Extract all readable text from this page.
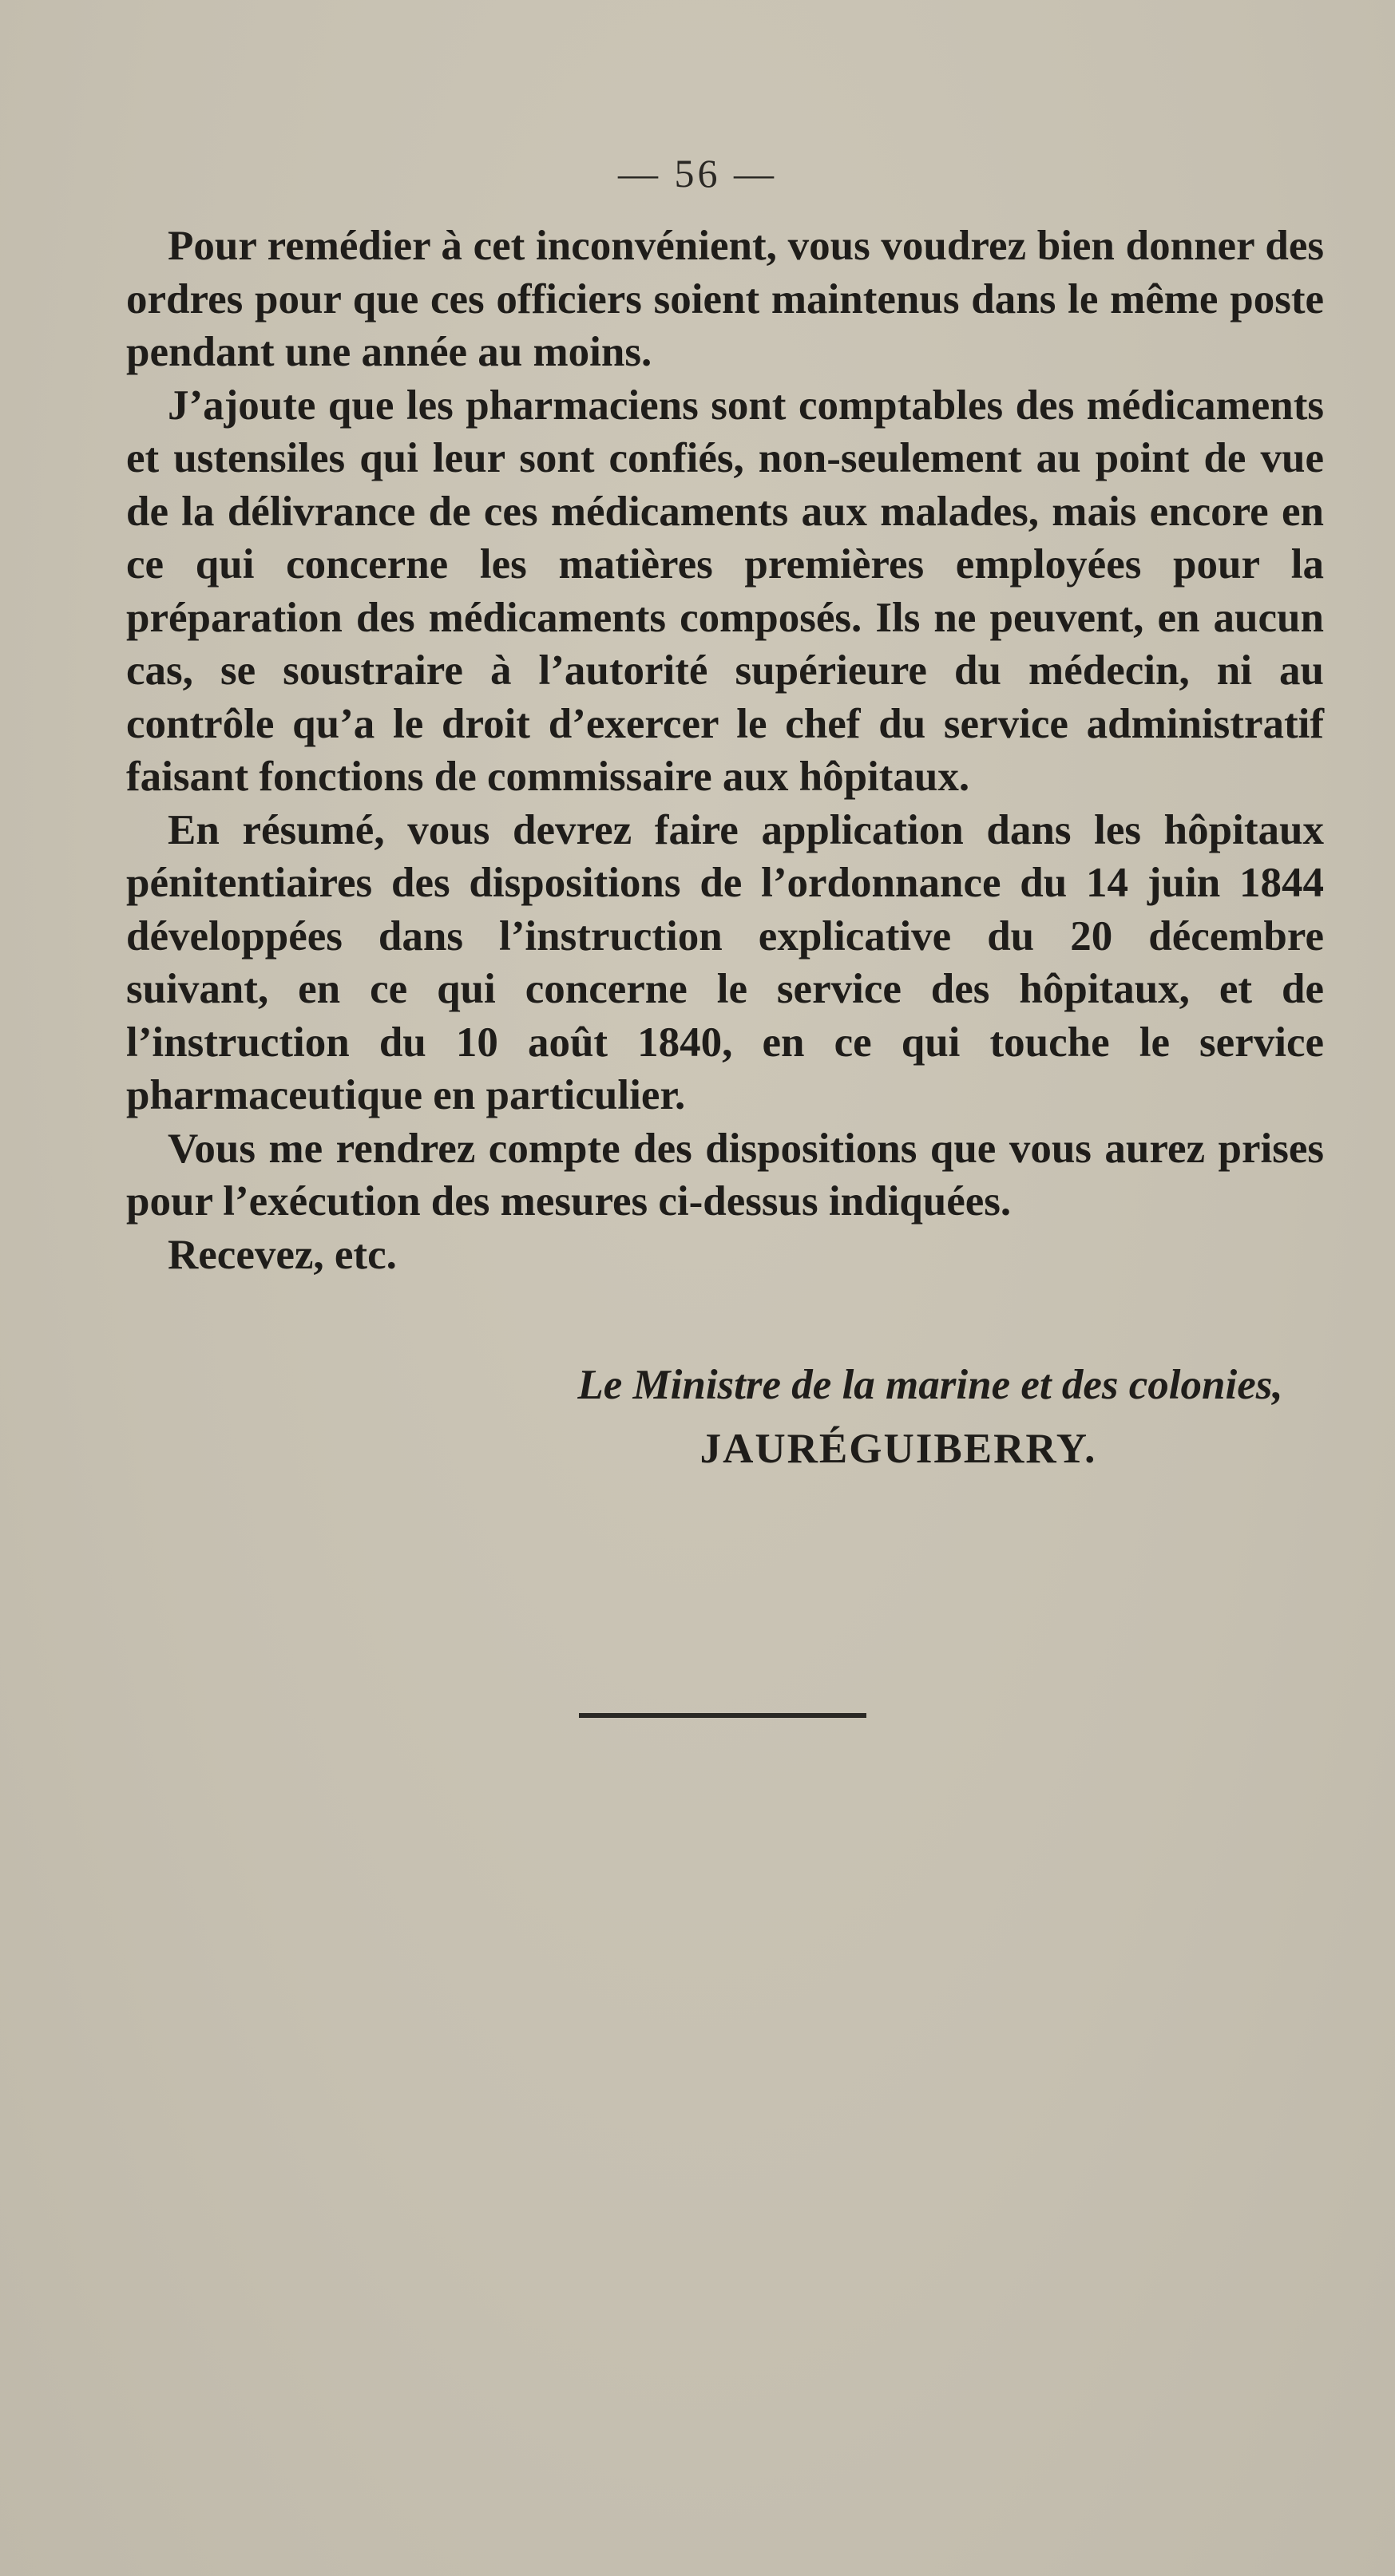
— 56 —

Pour remédier à cet inconvénient, vous voudrez bien donner des ordres pour que ces officiers soient maintenus dans le même poste pendant une année au moins.

J’ajoute que les pharmaciens sont comptables des médicaments et ustensiles qui leur sont confiés, non-seulement au point de vue de la délivrance de ces médicaments aux malades, mais encore en ce qui concerne les matières premières employées pour la préparation des médicaments composés. Ils ne peuvent, en aucun cas, se soustraire à l’autorité supérieure du médecin, ni au contrôle qu’a le droit d’exercer le chef du service administratif faisant fonctions de commissaire aux hôpitaux.

En résumé, vous devrez faire application dans les hôpitaux pénitentiaires des dispositions de l’ordonnance du 14 juin 1844 développées dans l’instruction explicative du 20 décembre suivant, en ce qui concerne le service des hôpitaux, et de l’instruction du 10 août 1840, en ce qui touche le service pharmaceutique en particulier.

Vous me rendrez compte des dispositions que vous aurez prises pour l’exécution des mesures ci-dessus indiquées.

Recevez, etc.

Le Ministre de la marine et des colonies,
JAURÉGUIBERRY.
